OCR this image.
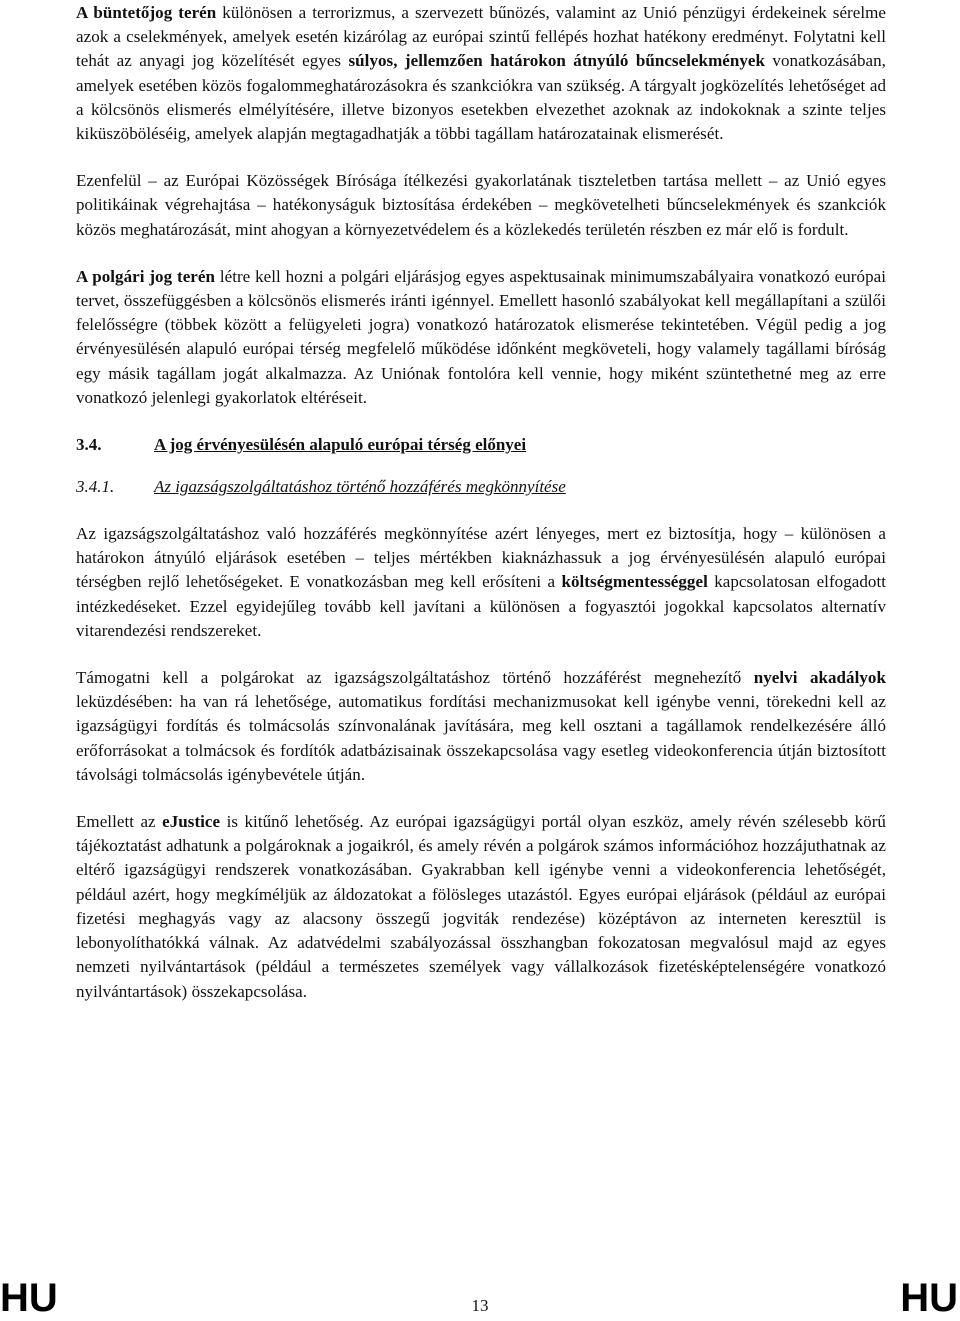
A büntetőjog terén különösen a terrorizmus, a szervezett bűnözés, valamint az Unió pénzügyi érdekeinek sérelme azok a cselekmények, amelyek esetén kizárólag az európai szintű fellépés hozhat hatékony eredményt. Folytatni kell tehát az anyagi jog közelítését egyes súlyos, jellemzően határokon átnyúló bűncselekmények vonatkozásában, amelyek esetében közös fogalommeghatározásokra és szankciókra van szükség. A tárgyalt jogközelítés lehetőséget ad a kölcsönös elismerés elmélyítésére, illetve bizonyos esetekben elvezethet azoknak az indokoknak a szinte teljes kiküszöböléséig, amelyek alapján megtagadhatják a többi tagállam határozatainak elismerését.

Ezenfelül – az Európai Közösségek Bírósága ítélkezési gyakorlatának tiszteletben tartása mellett – az Unió egyes politikáinak végrehajtása – hatékonyságuk biztosítása érdekében – megkövetelheti bűncselekmények és szankciók közös meghatározását, mint ahogyan a környezetvédelem és a közlekedés területén részben ez már elő is fordult.

A polgári jog terén létre kell hozni a polgári eljárásjog egyes aspektusainak minimumszabályaira vonatkozó európai tervet, összefüggésben a kölcsönös elismerés iránti igénnyel. Emellett hasonló szabályokat kell megállapítani a szülői felelősségre (többek között a felügyeleti jogra) vonatkozó határozatok elismerése tekintetében. Végül pedig a jog érvényesülésén alapuló európai térség megfelelő működése időnként megköveteli, hogy valamely tagállami bíróság egy másik tagállam jogát alkalmazza. Az Uniónak fontolóra kell vennie, hogy miként szüntethetné meg az erre vonatkozó jelenlegi gyakorlatok eltéréseit.

3.4.	A jog érvényesülésén alapuló európai térség előnyei
3.4.1.	Az igazságszolgáltatáshoz történő hozzáférés megkönnyítése

Az igazságszolgáltatáshoz való hozzáférés megkönnyítése azért lényeges, mert ez biztosítja, hogy – különösen a határokon átnyúló eljárások esetében – teljes mértékben kiaknázhassuk a jog érvényesülésén alapuló európai térségben rejlő lehetőségeket. E vonatkozásban meg kell erősíteni a költségmentességgel kapcsolatosan elfogadott intézkedéseket. Ezzel egyidejűleg tovább kell javítani a különösen a fogyasztói jogokkal kapcsolatos alternatív vitarendezési rendszereket.

Támogatni kell a polgárokat az igazságszolgáltatáshoz történő hozzáférést megnehezítő nyelvi akadályok leküzdésében: ha van rá lehetősége, automatikus fordítási mechanizmusokat kell igénybe venni, törekedni kell az igazságügyi fordítás és tolmácsolás színvonalának javítására, meg kell osztani a tagállamok rendelkezésére álló erőforrásokat a tolmácsok és fordítók adatbázisainak összekapcsolása vagy esetleg videokonferencia útján biztosított távolsági tolmácsolás igénybevétele útján.

Emellett az eJustice is kitűnő lehetőség. Az európai igazságügyi portál olyan eszköz, amely révén szélesebb körű tájékoztatást adhatunk a polgároknak a jogaikról, és amely révén a polgárok számos információhoz hozzájuthatnak az eltérő igazságügyi rendszerek vonatkozásában. Gyakrabban kell igénybe venni a videokonferencia lehetőségét, például azért, hogy megkíméljük az áldozatokat a fölösleges utazástól. Egyes európai eljárások (például az európai fizetési meghagyás vagy az alacsony összegű jogviták rendezése) középtávon az interneten keresztül is lebonyolíthatókká válnak. Az adatvédelmi szabályozással összhangban fokozatosan megvalósul majd az egyes nemzeti nyilvántartások (például a természetes személyek vagy vállalkozások fizetésképtelenségére vonatkozó nyilvántartások) összekapcsolása.

HU	13	HU
